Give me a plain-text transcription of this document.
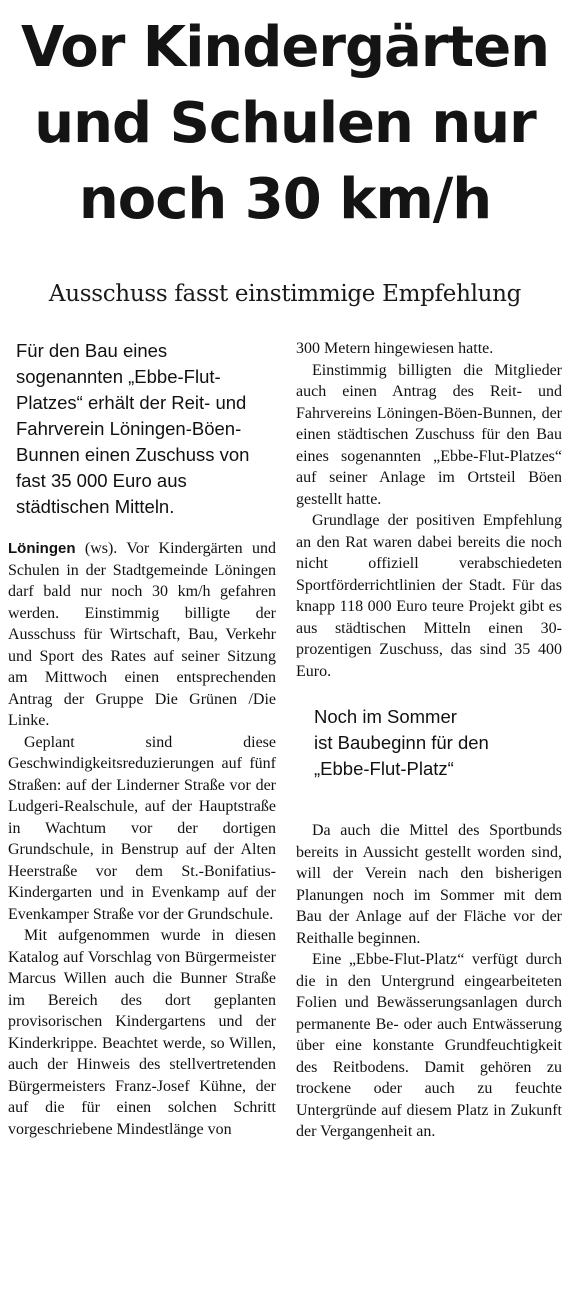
Vor Kindergärten
und Schulen nur
noch 30 km/h
Ausschuss fasst einstimmige Empfehlung
Für den Bau eines sogenannten „Ebbe-Flut-Platzes“ erhält der Reit- und Fahrverein Löningen-Böen-Bunnen einen Zuschuss von fast 35 000 Euro aus städtischen Mitteln.

Löningen (ws). Vor Kindergärten und Schulen in der Stadtgemeinde Löningen darf bald nur noch 30 km/h gefahren werden. Einstimmig billigte der Ausschuss für Wirtschaft, Bau, Verkehr und Sport des Rates auf seiner Sitzung am Mittwoch einen entsprechenden Antrag der Gruppe Die Grünen /Die Linke.

Geplant sind diese Geschwindigkeitsreduzierungen auf fünf Straßen: auf der Linderner Straße vor der Ludgeri-Realschule, auf der Hauptstraße in Wachtum vor der dortigen Grundschule, in Benstrup auf der Alten Heerstraße vor dem St.-Bonifatius-Kindergarten und in Evenkamp auf der Evenkamper Straße vor der Grundschule.

Mit aufgenommen wurde in diesen Katalog auf Vorschlag von Bürgermeister Marcus Willen auch die Bunner Straße im Bereich des dort geplanten provisorischen Kindergartens und der Kinderkrippe. Beachtet werde, so Willen, auch der Hinweis des stellvertretenden Bürgermeisters Franz-Josef Kühne, der auf die für einen solchen Schritt vorgeschriebene Mindestlänge von

300 Metern hingewiesen hatte.

Einstimmig billigten die Mitglieder auch einen Antrag des Reit- und Fahrvereins Löningen-Böen-Bunnen, der einen städtischen Zuschuss für den Bau eines sogenannten „Ebbe-Flut-Platzes“ auf seiner Anlage im Ortsteil Böen gestellt hatte.

Grundlage der positiven Empfehlung an den Rat waren dabei bereits die noch nicht offiziell verabschiedeten Sportförderrichtlinien der Stadt. Für das knapp 118 000 Euro teure Projekt gibt es aus städtischen Mitteln einen 30-prozentigen Zuschuss, das sind 35 400 Euro.

Noch im Sommer
ist Baubeginn für den
„Ebbe-Flut-Platz“

Da auch die Mittel des Sportbunds bereits in Aussicht gestellt worden sind, will der Verein nach den bisherigen Planungen noch im Sommer mit dem Bau der Anlage auf der Fläche vor der Reithalle beginnen.

Eine „Ebbe-Flut-Platz“ verfügt durch die in den Untergrund eingearbeiteten Folien und Bewässerungsanlagen durch permanente Be- oder auch Entwässerung über eine konstante Grundfeuchtigkeit des Reitbodens. Damit gehören zu trockene oder auch zu feuchte Untergründe auf diesem Platz in Zukunft der Vergangenheit an.
